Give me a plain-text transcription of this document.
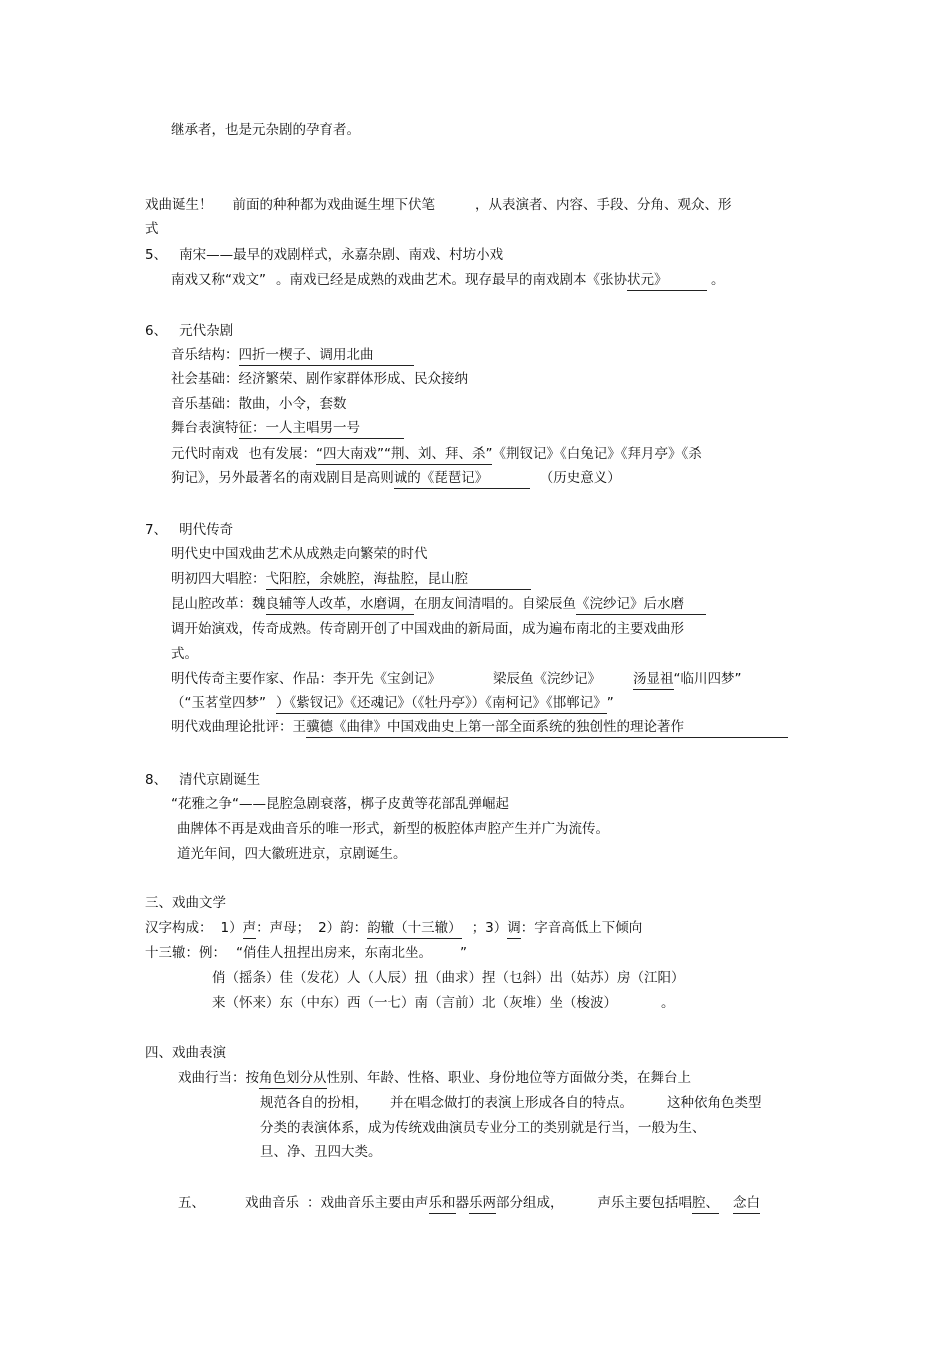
继承者，也是元杂剧的孕育者。
戏曲诞生！ 前面的种种都为戏曲诞生埋下伏笔	，从表演者、内容、手段、分角、观众、形
式
5、 南宋——最早的戏剧样式，永嘉杂剧、南戏、村坊小戏
南戏又称“戏文” 。南戏已经是成熟的戏曲艺术。现存最早的南戏剧本《张协状元》	。
6、 元代杂剧
音乐结构：四折一楔子、调用北曲
社会基础：经济繁荣、剧作家群体形成、民众接纳
音乐基础：散曲，小令，套数
舞台表演特征：一人主唱男一号
元代时南戏 也有发展：“四大南戏”“荆、刘、拜、杀”《荆钗记》《白兔记》《拜月亭》《杀
狗记》，另外最著名的南戏剧目是高则诚的《琵琶记》	（历史意义）
7、 明代传奇
明代史中国戏曲艺术从成熟走向繁荣的时代
明初四大唱腔：弋阳腔，余姚腔，海盐腔，昆山腔
昆山腔改革：魏良辅等人改革，水磨调，在朋友间清唱的。自梁辰鱼《浣纱记》后水磨
调开始演戏，传奇成熟。传奇剧开创了中国戏曲的新局面，成为遍布南北的主要戏曲形
式。
明代传奇主要作家、作品：李开先《宝剑记》	梁辰鱼《浣纱记》 汤显祖“临川四梦”
（“玉茗堂四梦” ）《紫钗记》《还魂记》（《牡丹亭》）《南柯记》《邯郸记》”
明代戏曲理论批评：王骥德《曲律》中国戏曲史上第一部全面系统的独创性的理论著作
8、 清代京剧诞生
“花雅之争“——昆腔急剧衰落，梆子皮黄等花部乱弹崛起
曲牌体不再是戏曲音乐的唯一形式，新型的板腔体声腔产生并广为流传。
道光年间，四大徽班进京，京剧诞生。
三、戏曲文学
汉字构成： 1）声：声母； 2）韵：韵辙（十三辙） ；3）调：字音高低上下倾向
十三辙：例： “俏佳人扭捏出房来，东南北坐。 ”
俏（摇条）佳（发花）人（人辰）扭（曲求）捏（乜斜）出（姑苏）房（江阳）
来（怀来）东（中东）西（一七）南（言前）北（灰堆）坐（梭波）	。
四、戏曲表演
戏曲行当：按角色划分从性别、年龄、性格、职业、身份地位等方面做分类，在舞台上
规范各自的扮相， 并在唱念做打的表演上形成各自的特点。	这种依角色类型
分类的表演体系，成为传统戏曲演员专业分工的类别就是行当，一般为生、
旦、净、丑四大类。
五、	戏曲音乐 ：戏曲音乐主要由声乐和器乐两部分组成，	声乐主要包括唱腔、 念白
